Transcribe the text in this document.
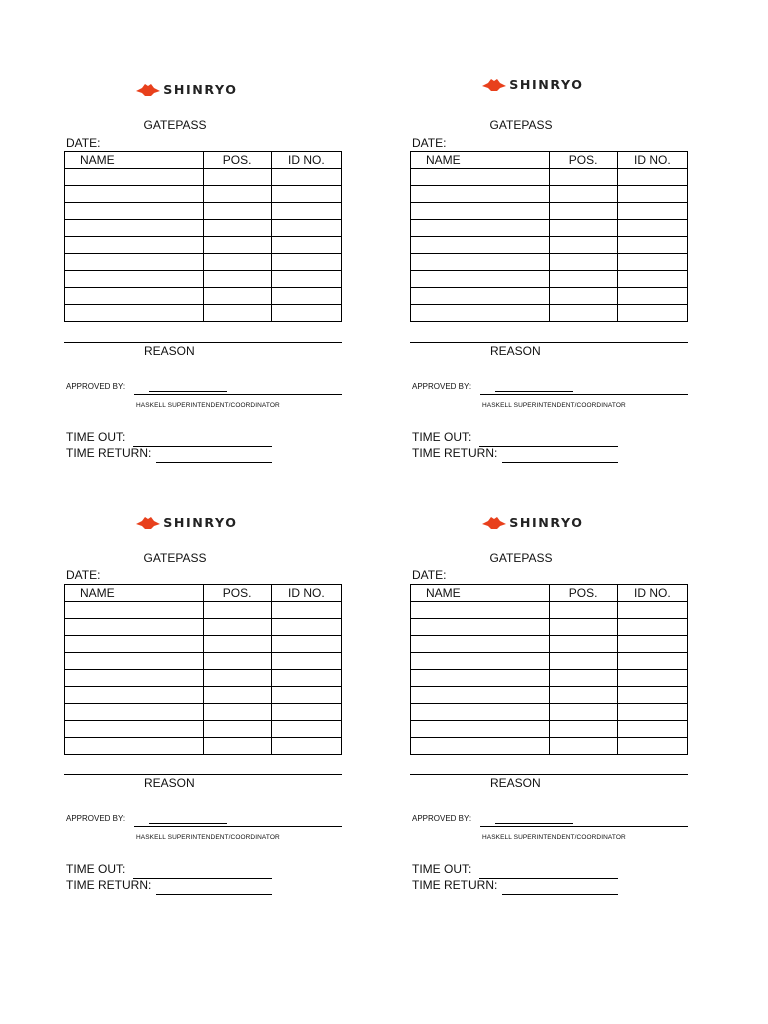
SHINRYO
GATEPASS
DATE:
NAME	POS.	ID NO.

REASON
APPROVED BY:
HASKELL SUPERINTENDENT/COORDINATOR
TIME OUT:
TIME RETURN:
SHINRYO
GATEPASS
DATE:
NAME	POS.	ID NO.

REASON
APPROVED BY:
HASKELL SUPERINTENDENT/COORDINATOR
TIME OUT:
TIME RETURN:
SHINRYO
GATEPASS
DATE:
NAME	POS.	ID NO.

REASON
APPROVED BY:
HASKELL SUPERINTENDENT/COORDINATOR
TIME OUT:
TIME RETURN:
SHINRYO
GATEPASS
DATE:
NAME	POS.	ID NO.

REASON
APPROVED BY:
HASKELL SUPERINTENDENT/COORDINATOR
TIME OUT:
TIME RETURN:
